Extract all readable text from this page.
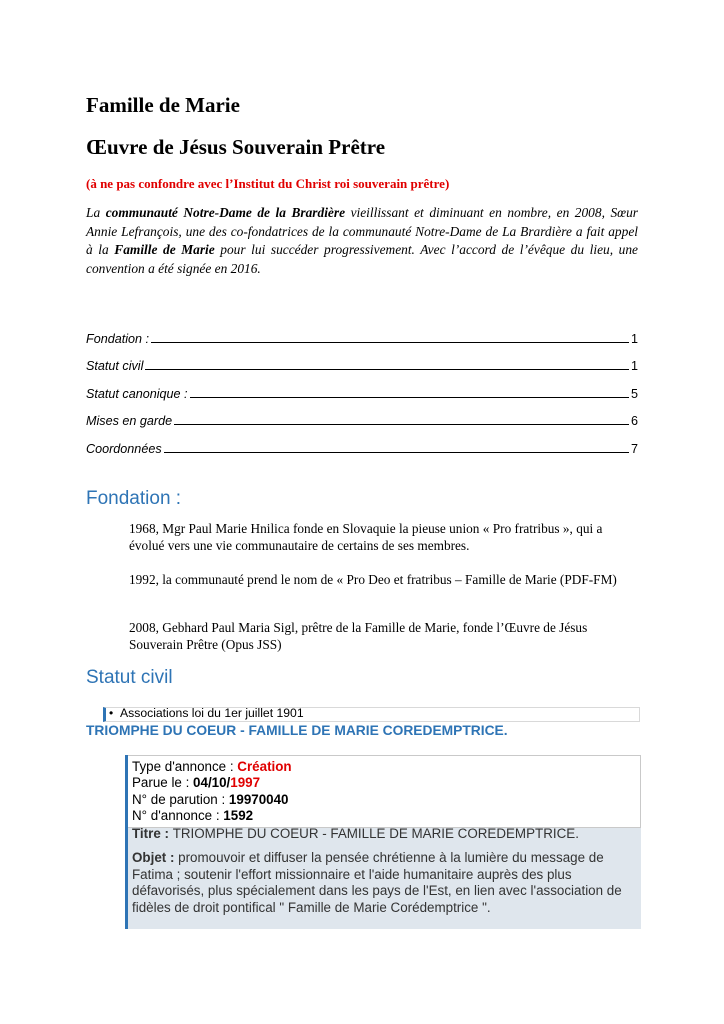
Famille de Marie
Œuvre de Jésus Souverain Prêtre
(à ne pas confondre avec l’Institut du Christ roi souverain prêtre)
La communauté Notre-Dame de la Brardière vieillissant et diminuant en nombre, en 2008, Sœur Annie Lefrançois, une des co-fondatrices de la communauté Notre-Dame de La Brardière a fait appel à la Famille de Marie pour lui succéder progressivement. Avec l’accord de l’évêque du lieu, une convention a été signée en 2016.
Fondation :	1
Statut civil	1
Statut canonique :	5
Mises en garde	6
Coordonnées	7
Fondation :
1968, Mgr Paul Marie Hnilica fonde en Slovaquie la pieuse union « Pro fratribus », qui a évolué vers une vie communautaire de certains de ses membres.
1992, la communauté prend le nom de « Pro Deo et fratribus – Famille de Marie (PDF-FM)
2008, Gebhard Paul Maria Sigl, prêtre de la Famille de Marie, fonde l’Œuvre de Jésus Souverain Prêtre (Opus JSS)
Statut civil
• Associations loi du 1er juillet 1901
TRIOMPHE DU COEUR - FAMILLE DE MARIE COREDEMPTRICE.
Type d'annonce : Création
Parue le : 04/10/1997
N° de parution : 19970040
N° d'annonce : 1592
Titre : TRIOMPHE DU COEUR - FAMILLE DE MARIE COREDEMPTRICE.
Objet : promouvoir et diffuser la pensée chrétienne à la lumière du message de Fatima ; soutenir l'effort missionnaire et l'aide humanitaire auprès des plus défavorisés, plus spécialement dans les pays de l'Est, en lien avec l'association de fidèles de droit pontifical " Famille de Marie Corédemptrice ".
